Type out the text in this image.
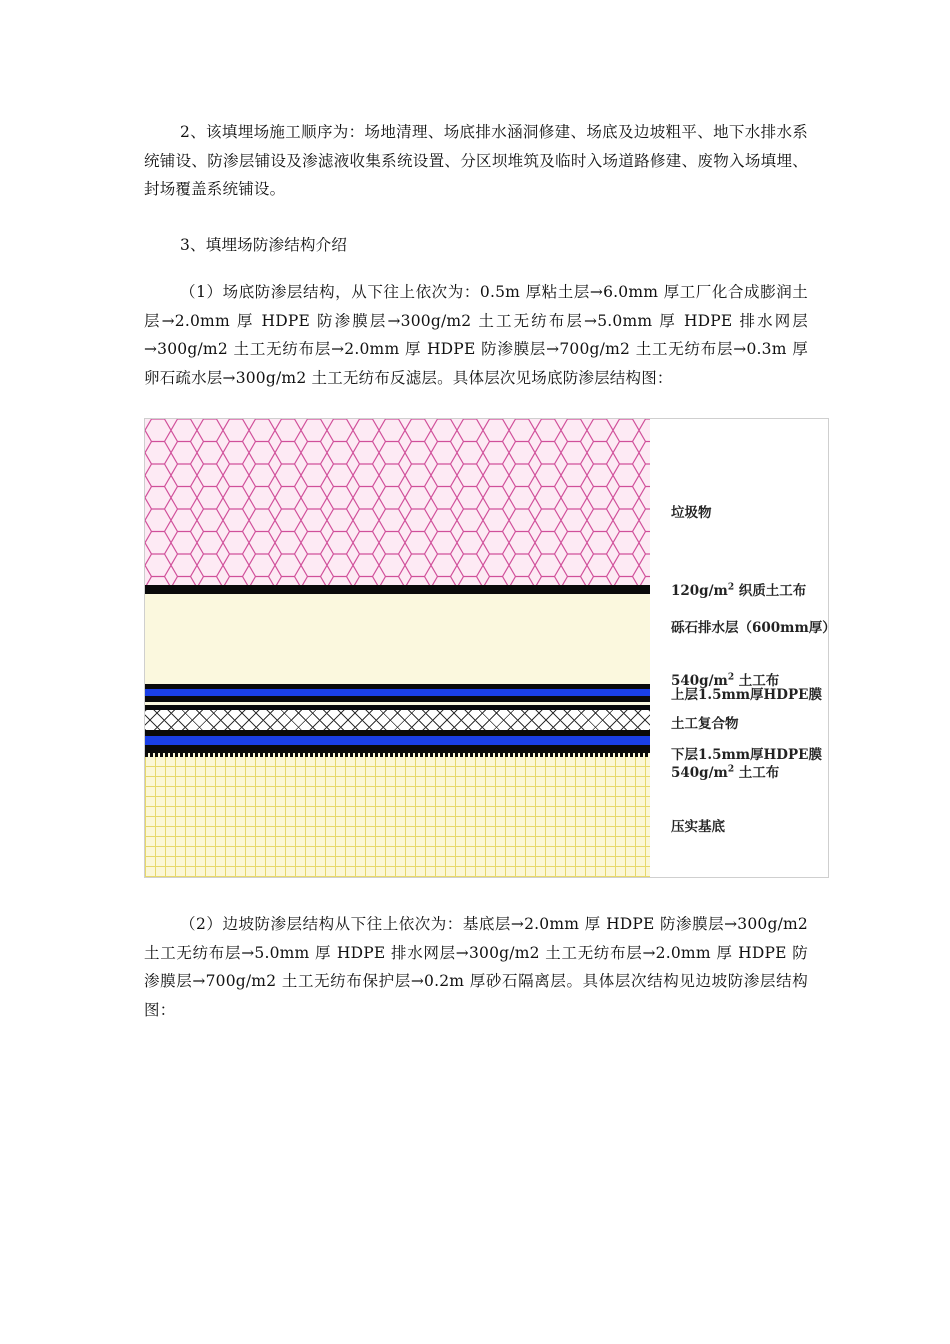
2、该填埋场施工顺序为：场地清理、场底排水涵洞修建、场底及边坡粗平、地下水排水系统铺设、防渗层铺设及渗滤液收集系统设置、分区坝堆筑及临时入场道路修建、废物入场填埋、封场覆盖系统铺设。

3、填埋场防渗结构介绍

（1）场底防渗层结构，从下往上依次为：0.5m 厚粘土层→6.0mm 厚工厂化合成膨润土层→2.0mm 厚 HDPE 防渗膜层→300g/m2 土工无纺布层→5.0mm 厚 HDPE 排水网层→300g/m2 土工无纺布层→2.0mm 厚 HDPE 防渗膜层→700g/m2 土工无纺布层→0.3m 厚卵石疏水层→300g/m2 土工无纺布反滤层。具体层次见场底防渗层结构图：

垃圾物
$120g/m^2$ 织质土工布
砾石排水层（600mm厚）
$540g/m^2$ 土工布
上层1.5mm厚HDPE膜
土工复合物
下层1.5mm厚HDPE膜
$540g/m^2$ 土工布
压实基底

（2）边坡防渗层结构从下往上依次为：基底层→2.0mm 厚 HDPE 防渗膜层→300g/m2 土工无纺布层→5.0mm 厚 HDPE 排水网层→300g/m2 土工无纺布层→2.0mm 厚 HDPE 防渗膜层→700g/m2 土工无纺布保护层→0.2m 厚砂石隔离层。具体层次结构见边坡防渗层结构图：
